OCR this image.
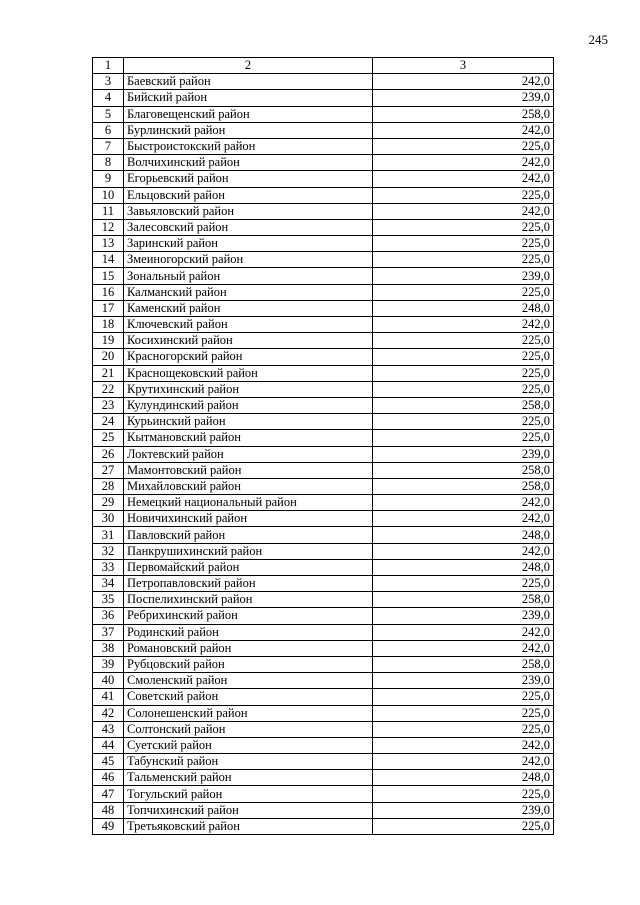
245
1	2	3
3	Баевский район	242,0
4	Бийский район	239,0
5	Благовещенский район	258,0
6	Бурлинский район	242,0
7	Быстроистокский район	225,0
8	Волчихинский район	242,0
9	Егорьевский район	242,0
10	Ельцовский район	225,0
11	Завьяловский район	242,0
12	Залесовский район	225,0
13	Заринский район	225,0
14	Змеиногорский район	225,0
15	Зональный район	239,0
16	Калманский район	225,0
17	Каменский район	248,0
18	Ключевский район	242,0
19	Косихинский район	225,0
20	Красногорский район	225,0
21	Краснощековский район	225,0
22	Крутихинский район	225,0
23	Кулундинский район	258,0
24	Курьинский район	225,0
25	Кытмановский район	225,0
26	Локтевский район	239,0
27	Мамонтовский район	258,0
28	Михайловский район	258,0
29	Немецкий национальный район	242,0
30	Новичихинский район	242,0
31	Павловский район	248,0
32	Панкрушихинский район	242,0
33	Первомайский район	248,0
34	Петропавловский район	225,0
35	Поспелихинский район	258,0
36	Ребрихинский район	239,0
37	Родинский район	242,0
38	Романовский район	242,0
39	Рубцовский район	258,0
40	Смоленский район	239,0
41	Советский район	225,0
42	Солонешенский район	225,0
43	Солтонский район	225,0
44	Суетский район	242,0
45	Табунский район	242,0
46	Тальменский район	248,0
47	Тогульский район	225,0
48	Топчихинский район	239,0
49	Третьяковский район	225,0
